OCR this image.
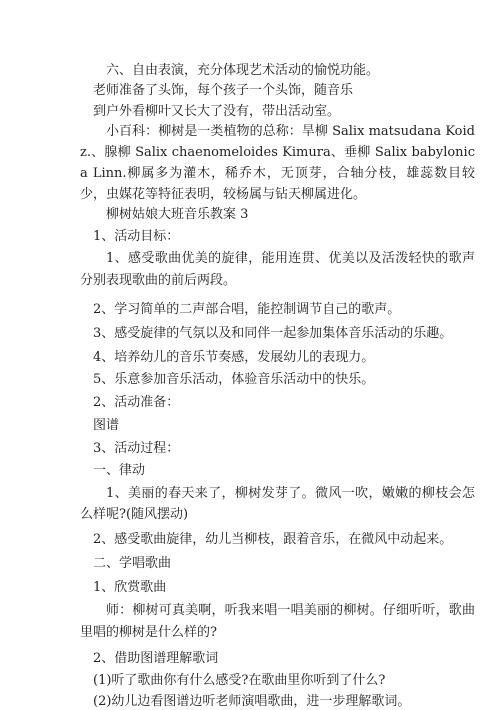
六、自由表演，充分体现艺术活动的愉悦功能。
老师准备了头饰，每个孩子一个头饰，随音乐
到户外看柳叶又长大了没有，带出活动室。
小百科：柳树是一类植物的总称：旱柳 Salix matsudana Koidz.、腺柳 Salix chaenomeloides Kimura、垂柳 Salix babylonica Linn.柳属多为灌木，稀乔木，无顶芽，合轴分枝，雄蕊数目较少，虫媒花等特征表明，较杨属与钻天柳属进化。
柳树姑娘大班音乐教案 3
1、活动目标：
1、感受歌曲优美的旋律，能用连贯、优美以及活泼轻快的歌声分别表现歌曲的前后两段。
2、学习简单的二声部合唱，能控制调节自己的歌声。
3、感受旋律的气氛以及和同伴一起参加集体音乐活动的乐趣。
4、培养幼儿的音乐节奏感，发展幼儿的表现力。
5、乐意参加音乐活动，体验音乐活动中的快乐。
2、活动准备：
图谱
3、活动过程：
一、律动
1、美丽的春天来了，柳树发芽了。微风一吹，嫩嫩的柳枝会怎么样呢?(随风摆动)
2、感受歌曲旋律，幼儿当柳枝，跟着音乐，在微风中动起来。
二、学唱歌曲
1、欣赏歌曲
师：柳树可真美啊，听我来唱一唱美丽的柳树。仔细听听，歌曲里唱的柳树是什么样的?
2、借助图谱理解歌词
(1)听了歌曲你有什么感受?在歌曲里你听到了什么?
(2)幼儿边看图谱边听老师演唱歌曲，进一步理解歌词。
